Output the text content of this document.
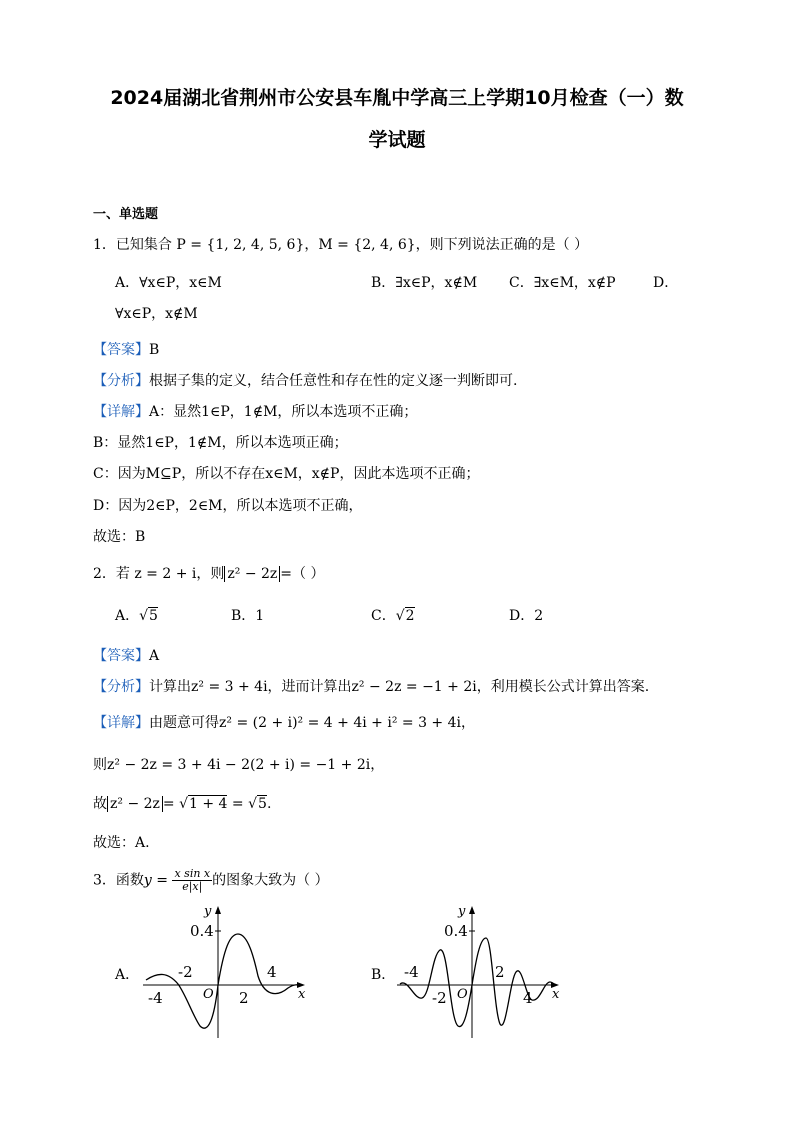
2024届湖北省荆州市公安县车胤中学高三上学期10月检查（一）数
学试题
一、单选题
1．已知集合 P = {1, 2, 4, 5, 6}，M = {2, 4, 6}，则下列说法正确的是（ ）
A．∀x∈P，x∈M	B．∃x∈P，x∉M C．∃x∈M，x∉P	D．
∀x∈P，x∉M
【答案】B
【分析】根据子集的定义，结合任意性和存在性的定义逐一判断即可.
【详解】A：显然1∈P，1∉M，所以本选项不正确；
B：显然1∈P，1∉M，所以本选项正确；
C：因为M⊆P，所以不存在x∈M，x∉P，因此本选项不正确；
D：因为2∈P，2∈M，所以本选项不正确，
故选：B
2．若 z = 2 + i，则 z² − 2z =（ ）
A．√5	B．1	C．√2	D．2
【答案】A
【分析】计算出z² = 3 + 4i，进而计算出z² − 2z = −1 + 2i，利用模长公式计算出答案.
【详解】由题意可得z² = (2 + i)² = 4 + 4i + i² = 3 + 4i，
则z² − 2z = 3 + 4i − 2(2 + i) = −1 + 2i，
故 z² − 2z = √1 + 4 = √5.
故选：A.
3．函数$y = \frac{\text{x sin x}}{e|x|}$ 的图象大致为（ ）
A．
y
x
O
0.4
-4
-2
2
4	B．
y
x
O
0.4
-4
-2
2
4
